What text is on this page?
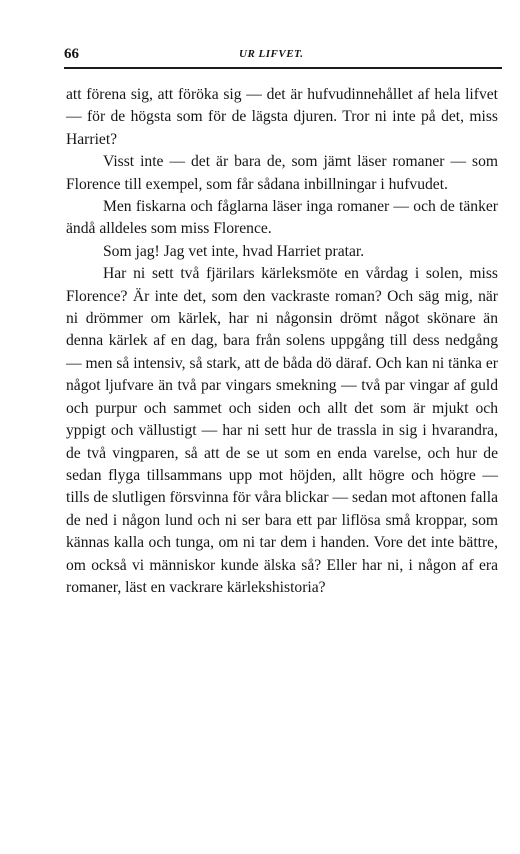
66	UR LIFVET.

att förena sig, att föröka sig — det är hufvudinnehållet af hela lifvet — för de högsta som för de lägsta djuren. Tror ni inte på det, miss Harriet?

Visst inte — det är bara de, som jämt läser romaner — som Florence till exempel, som får sådana inbillningar i hufvudet.

Men fiskarna och fåglarna läser inga romaner — och de tänker ändå alldeles som miss Florence.

Som jag! Jag vet inte, hvad Harriet pratar.

Har ni sett två fjärilars kärleksmöte en vårdag i solen, miss Florence? Är inte det, som den vackraste roman? Och säg mig, när ni drömmer om kärlek, har ni någonsin drömt något skönare än denna kärlek af en dag, bara från solens uppgång till dess nedgång — men så intensiv, så stark, att de båda dö däraf. Och kan ni tänka er något ljufvare än två par vingars smekning — två par vingar af guld och purpur och sammet och siden och allt det som är mjukt och yppigt och vällustigt — har ni sett hur de trassla in sig i hvarandra, de två vingparen, så att de se ut som en enda varelse, och hur de sedan flyga tillsammans upp mot höjden, allt högre och högre — tills de slutligen försvinna för våra blickar — sedan mot aftonen falla de ned i någon lund och ni ser bara ett par liflösa små kroppar, som kännas kalla och tunga, om ni tar dem i handen. Vore det inte bättre, om också vi människor kunde älska så? Eller har ni, i någon af era romaner, läst en vackrare kärlekshistoria?
